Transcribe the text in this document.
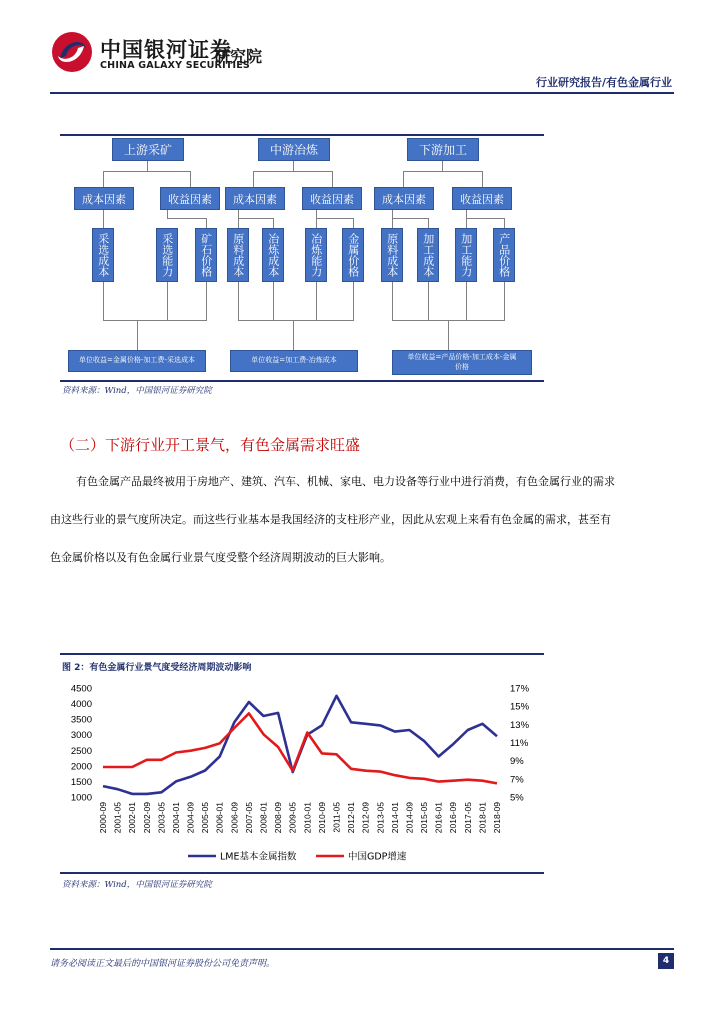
中国银河证券
CHINA GALAXY SECURITIES
研究院
行业研究报告/有色金属行业
上游采矿
成本因素	收益因素
采选成本	采选能力	矿石价格
单位收益=金属价格-加工费-采选成本
中游冶炼
成本因素	收益因素
原料成本	冶炼成本	冶炼能力	金属价格
单位收益=加工费-冶炼成本
下游加工
成本因素	收益因素
原料成本	加工成本	加工能力	产品价格
单位收益=产品价格-加工成本-金属
价格
资料来源：Wind，中国银河证券研究院
（二）下游行业开工景气，有色金属需求旺盛

有色金属产品最终被用于房地产、建筑、汽车、机械、家电、电力设备等行业中进行消费，有色金属行业的需求

由这些行业的景气度所决定。而这些行业基本是我国经济的支柱形产业，因此从宏观上来看有色金属的需求，甚至有

色金属价格以及有色金属行业景气度受整个经济周期波动的巨大影响。

图 2：有色金属行业景气度受经济周期波动影响
4500
4000
3500
3000
2500
2000
1500
1000
17%
15%
13%
11%
9%
7%
5%
2000-09 2001-05 2002-01 2002-09 2003-05 2004-01 2004-09 2005-05 2006-01 2006-09 2007-05 2008-01 2008-09 2009-05 2010-01 2010-09 2011-05 2012-01 2012-09 2013-05 2014-01 2014-09 2015-05 2016-01 2016-09 2017-05 2018-01 2018-09
LME基本金属指数	中国GDP增速
资料来源：Wind，中国银河证券研究院
请务必阅读正文最后的中国银河证券股份公司免责声明。	4
